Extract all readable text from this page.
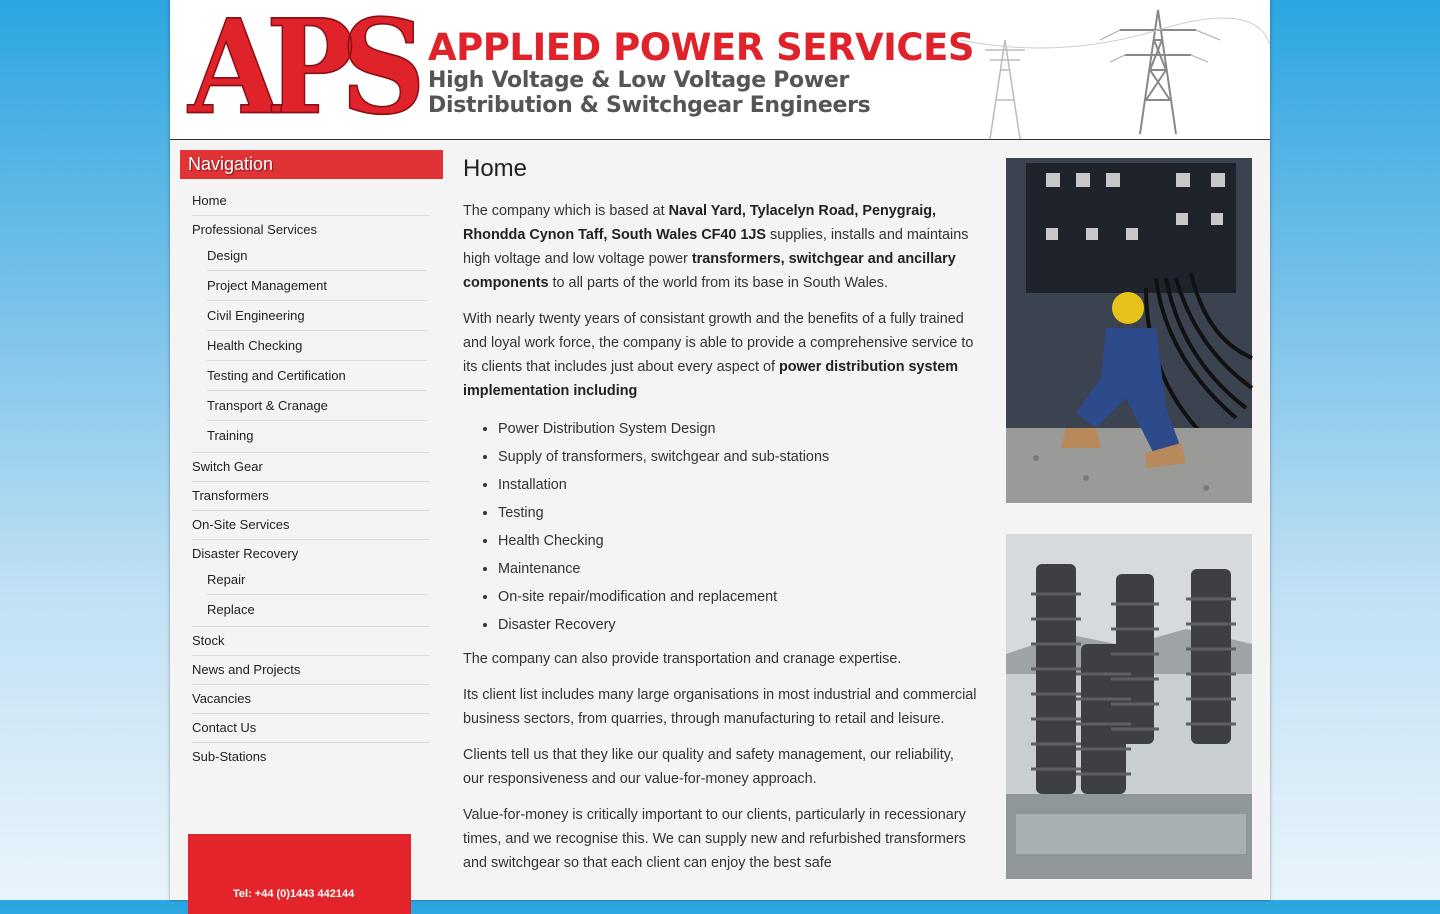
APS APPLIED POWER SERVICES
High Voltage & Low Voltage Power
Distribution & Switchgear Engineers
Navigation
Home
Professional Services
Design
Project Management
Civil Engineering
Health Checking
Testing and Certification
Transport & Cranage
Training
Switch Gear
Transformers
On-Site Services
Disaster Recovery
Repair
Replace
Stock
News and Projects
Vacancies
Contact Us
Sub-Stations
Tel: +44 (0)1443 442144
Home

The company which is based at Naval Yard, Tylacelyn Road, Penygraig, Rhondda Cynon Taff, South Wales CF40 1JS supplies, installs and maintains high voltage and low voltage power transformers, switchgear and ancillary components to all parts of the world from its base in South Wales.

With nearly twenty years of consistant growth and the benefits of a fully trained and loyal work force, the company is able to provide a comprehensive service to its clients that includes just about every aspect of power distribution system implementation including

• Power Distribution System Design
• Supply of transformers, switchgear and sub-stations
• Installation
• Testing
• Health Checking
• Maintenance
• On-site repair/modification and replacement
• Disaster Recovery

The company can also provide transportation and cranage expertise.

Its client list includes many large organisations in most industrial and commercial business sectors, from quarries, through manufacturing to retail and leisure.

Clients tell us that they like our quality and safety management, our reliability, our responsiveness and our value-for-money approach.

Value-for-money is critically important to our clients, particularly in recessionary times, and we recognise this. We can supply new and refurbished transformers and switchgear so that each client can enjoy the best safe
